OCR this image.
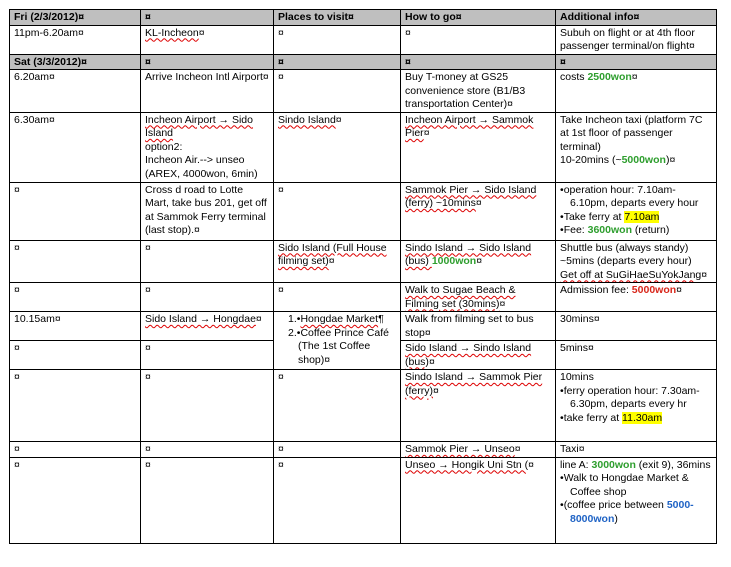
Fri (2/3/2012)¤	¤	Places to visit¤	How to go¤	Additional info¤
11pm-6.20am¤	KL-Incheon¤	¤	¤	Subuh on flight or at 4th floor passenger terminal/on flight¤
Sat (3/3/2012)¤	¤	¤	¤	¤
6.20am¤	Arrive Incheon Intl Airport¤	¤	Buy T-money at GS25 convenience store (B1/B3 transportation Center)¤	costs 2500won¤
6.30am¤	Incheon Airport → Sido Island
option2:
Incheon Air.--> unseo (AREX, 4000won, 6min)	Sindo Island¤	Incheon Airport → Sammok Pier¤	Take Incheon taxi (platform 7C at 1st floor of passenger terminal)
10-20mins (~5000won)¤
¤	Cross d road to Lotte Mart, take bus 201, get off at Sammok Ferry terminal (last stop).¤	¤	Sammok Pier → Sido Island (ferry) ~10mins¤	•operation hour: 7.10am-6.10pm, departs every hour
•Take ferry at 7.10am
•Fee: 3600won (return)

¤	¤	Sido Island (Full House filming set)¤	Sindo Island → Sido Island (bus) 1000won¤	Shuttle bus (always standy) ~5mins (departs every hour)
Get off at SuGiHaeSuYokJang¤
¤	¤	¤	Walk to Sugae Beach & Filming set (30mins)¤	Admission fee: 5000won¤
10.15am¤	Sido Island → Hongdae¤	1.•Hongdae Market¶
2.•Coffee Prince Café (The 1st Coffee shop)¤	Walk from filming set to bus stop¤	30mins¤
¤	¤		Sido Island → Sindo Island (bus)¤	5mins¤
¤	¤	¤	Sindo Island → Sammok Pier (ferry)¤	10mins
•ferry operation hour: 7.30am-6.30pm, departs every hr
•take ferry at 11.30am

¤	¤	¤	Sammok Pier → Unseo¤	Taxi¤
¤	¤	¤	Unseo → Hongik Uni Stn (¤	line A: 3000won (exit 9), 36mins
•Walk to Hongdae Market & Coffee shop
•(coffee price between 5000-8000won)
